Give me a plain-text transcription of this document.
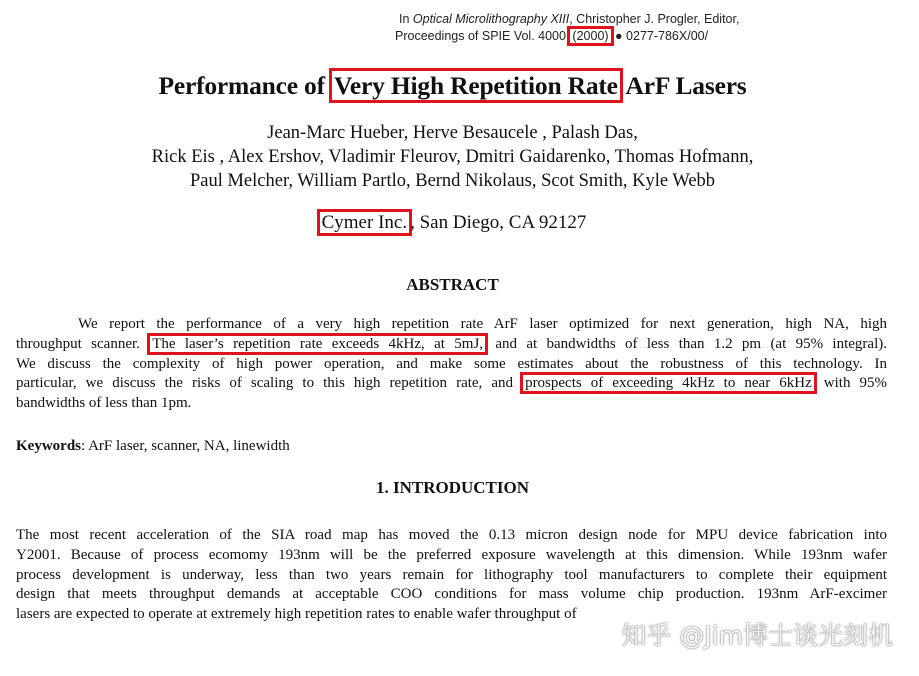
In Optical Microlithography XIII, Christopher J. Progler, Editor,
Proceedings of SPIE Vol. 4000 (2000) ● 0277-786X/00/
Performance of Very High Repetition Rate ArF Lasers
Jean-Marc Hueber, Herve Besaucele , Palash Das,
Rick Eis , Alex Ershov, Vladimir Fleurov, Dmitri Gaidarenko, Thomas Hofmann,
Paul Melcher, William Partlo, Bernd Nikolaus, Scot Smith, Kyle Webb
Cymer Inc. , San Diego, CA 92127
ABSTRACT
We report the performance of a very high repetition rate ArF laser optimized for next generation, high NA, high
throughput scanner. The laser’s repetition rate exceeds 4kHz, at 5mJ, and at bandwidths of less than 1.2 pm (at 95% integral).
We discuss the complexity of high power operation, and make some estimates about the robustness of this technology. In
particular, we discuss the risks of scaling to this high repetition rate, and prospects of exceeding 4kHz to near 6kHz with 95%
bandwidths of less than 1pm.
Keywords: ArF laser, scanner, NA, linewidth
1. INTRODUCTION
The most recent acceleration of the SIA road map has moved the 0.13 micron design node for MPU device fabrication into
Y2001. Because of process ecomomy 193nm will be the preferred exposure wavelength at this dimension. While 193nm wafer
process development is underway, less than two years remain for lithography tool manufacturers to complete their equipment
design that meets throughput demands at acceptable COO conditions for mass volume chip production. 193nm ArF-excimer
lasers are expected to operate at extremely high repetition rates to enable wafer throughput of
知乎 @Jim博士谈光刻机
